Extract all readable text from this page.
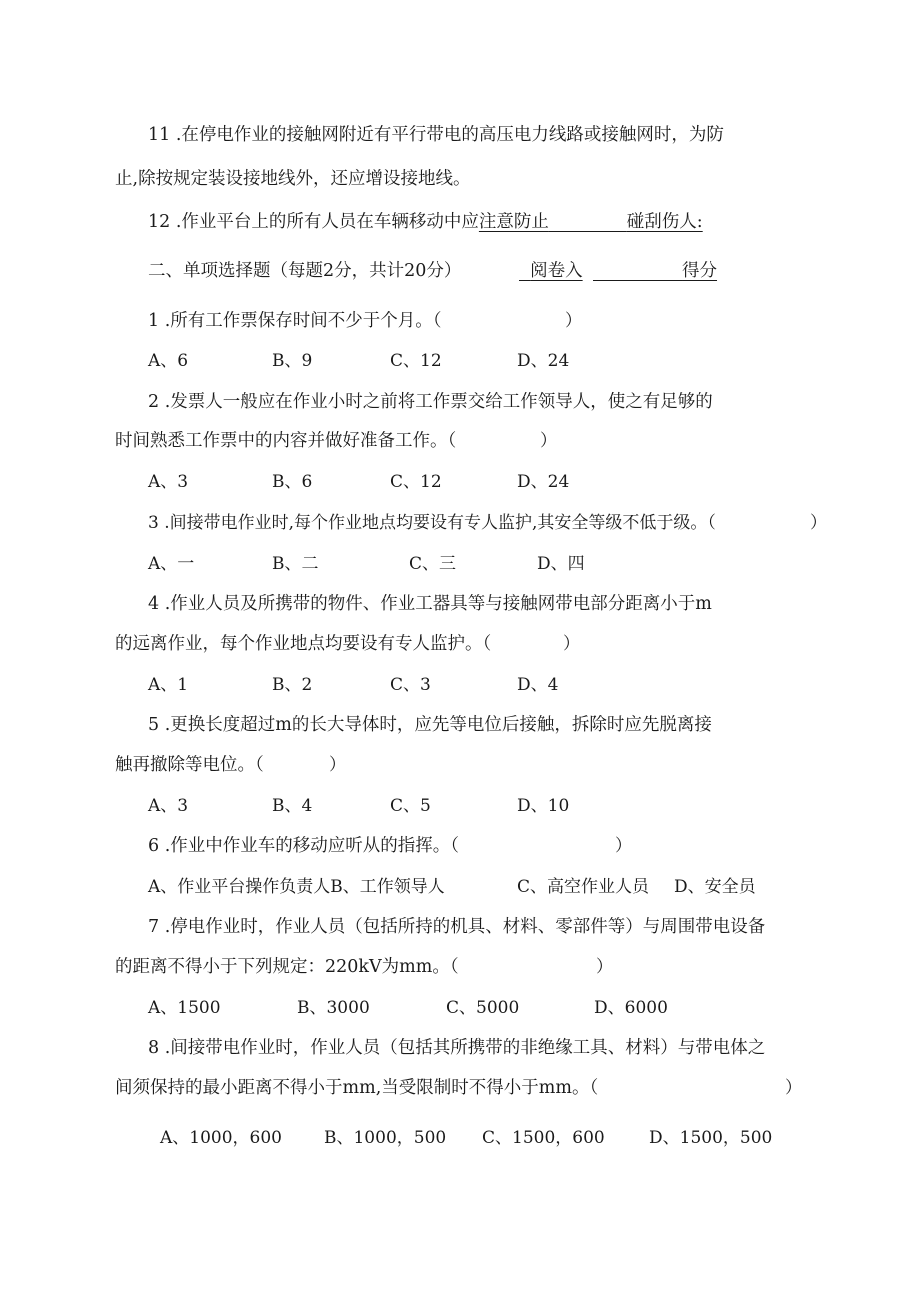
11 .在停电作业的接触网附近有平行带电的高压电力线路或接触网时，为防
止,除按规定装设接地线外，还应增设接地线。
12 .作业平台上的所有人员在车辆移动中应注意防止	碰刮伤人:
二、单项选择题（每题2分，共计20分）	阅卷入	得分
1 .所有工作票保存时间不少于个月。（	）
A、6	B、9	C、12	D、24
2 .发票人一般应在作业小时之前将工作票交给工作领导人，使之有足够的
时间熟悉工作票中的内容并做好准备工作。（	）
A、3	B、6	C、12	D、24
3 .间接带电作业时,每个作业地点均要设有专人监护,其安全等级不低于级。（	）
A、一	B、二	C、三	D、四
4 .作业人员及所携带的物件、作业工器具等与接触网带电部分距离小于m
的远离作业，每个作业地点均要设有专人监护。（	）
A、1	B、2	C、3	D、4
5 .更换长度超过m的长大导体时，应先等电位后接触，拆除时应先脱离接
触再撤除等电位。（	）
A、3	B、4	C、5	D、10
6 .作业中作业车的移动应听从的指挥。（	）
A、作业平台操作负责人B、工作领导人	C、高空作业人员 D、安全员
7 .停电作业时，作业人员（包括所持的机具、材料、零部件等）与周围带电设备
的距离不得小于下列规定：220kV为mm。（	）
A、1500	B、3000	C、5000	D、6000
8 .间接带电作业时，作业人员（包括其所携带的非绝缘工具、材料）与带电体之
间须保持的最小距离不得小于mm,当受限制时不得小于mm。（	）
A、1000，600 B、1000，500 C、1500，600	D、1500，500
